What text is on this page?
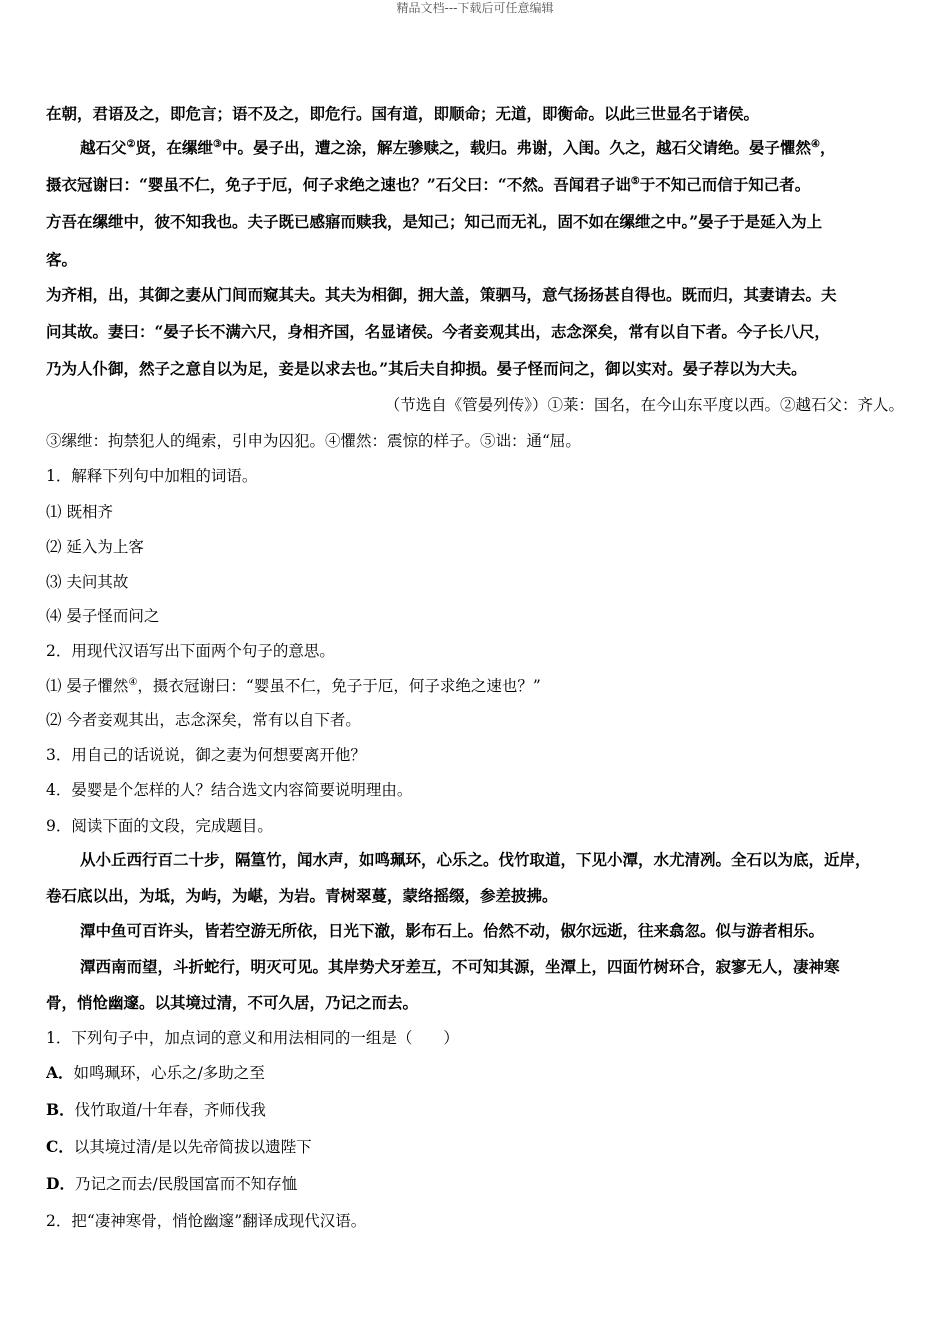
精品文档---下载后可任意编辑
在朝，君语及之，即危言；语不及之，即危行。国有道，即顺命；无道，即衡命。以此三世显名于诸侯。
越石父②贤，在缧绁③中。晏子出，遭之涂，解左骖赎之，载归。弗谢，入闺。久之，越石父请绝。晏子懼然④，
摄衣冠谢曰：“婴虽不仁，免子于厄，何子求绝之速也？”石父曰：“不然。吾闻君子诎⑤于不知己而信于知己者。
方吾在缧绁中，彼不知我也。夫子既已感寤而赎我，是知己；知己而无礼，固不如在缧绁之中。”晏子于是延入为上
客。
为齐相，出，其御之妻从门间而窥其夫。其夫为相御，拥大盖，策驷马，意气扬扬甚自得也。既而归，其妻请去。夫
问其故。妻曰：“晏子长不满六尺，身相齐国，名显诸侯。今者妾观其出，志念深矣，常有以自下者。今子长八尺，
乃为人仆御，然子之意自以为足，妾是以求去也。”其后夫自抑损。晏子怪而问之，御以实对。晏子荐以为大夫。
（节选自《管晏列传》）①莱：国名，在今山东平度以西。②越石父：齐人。
③缧绁：拘禁犯人的绳索，引申为囚犯。④懼然：震惊的样子。⑤诎：通“屈。
1．解释下列句中加粗的词语。
⑴ 既相齐
⑵ 延入为上客
⑶ 夫问其故
⑷ 晏子怪而问之
2．用现代汉语写出下面两个句子的意思。
⑴ 晏子懼然④，摄衣冠谢曰：“婴虽不仁，免子于厄，何子求绝之速也？”
⑵ 今者妾观其出，志念深矣，常有以自下者。
3．用自己的话说说，御之妻为何想要离开他？
4．晏婴是个怎样的人？结合选文内容简要说明理由。
9．阅读下面的文段，完成题目。
从小丘西行百二十步，隔篁竹，闻水声，如鸣珮环，心乐之。伐竹取道，下见小潭，水尤清冽。全石以为底，近岸，
卷石底以出，为坻，为屿，为嵁，为岩。青树翠蔓，蒙络摇缀，参差披拂。
潭中鱼可百许头，皆若空游无所依，日光下澈，影布石上。佁然不动，俶尔远逝，往来翕忽。似与游者相乐。
潭西南而望，斗折蛇行，明灭可见。其岸势犬牙差互，不可知其源，坐潭上，四面竹树环合，寂寥无人，凄神寒
骨，悄怆幽邃。以其境过清，不可久居，乃记之而去。
1．下列句子中，加点词的意义和用法相同的一组是（　　）
A．如鸣珮环，心乐之/多助之至
B．伐竹取道/十年春，齐师伐我
C．以其境过清/是以先帝简拔以遗陛下
D．乃记之而去/民殷国富而不知存恤
2．把“凄神寒骨，悄怆幽邃”翻译成现代汉语。
